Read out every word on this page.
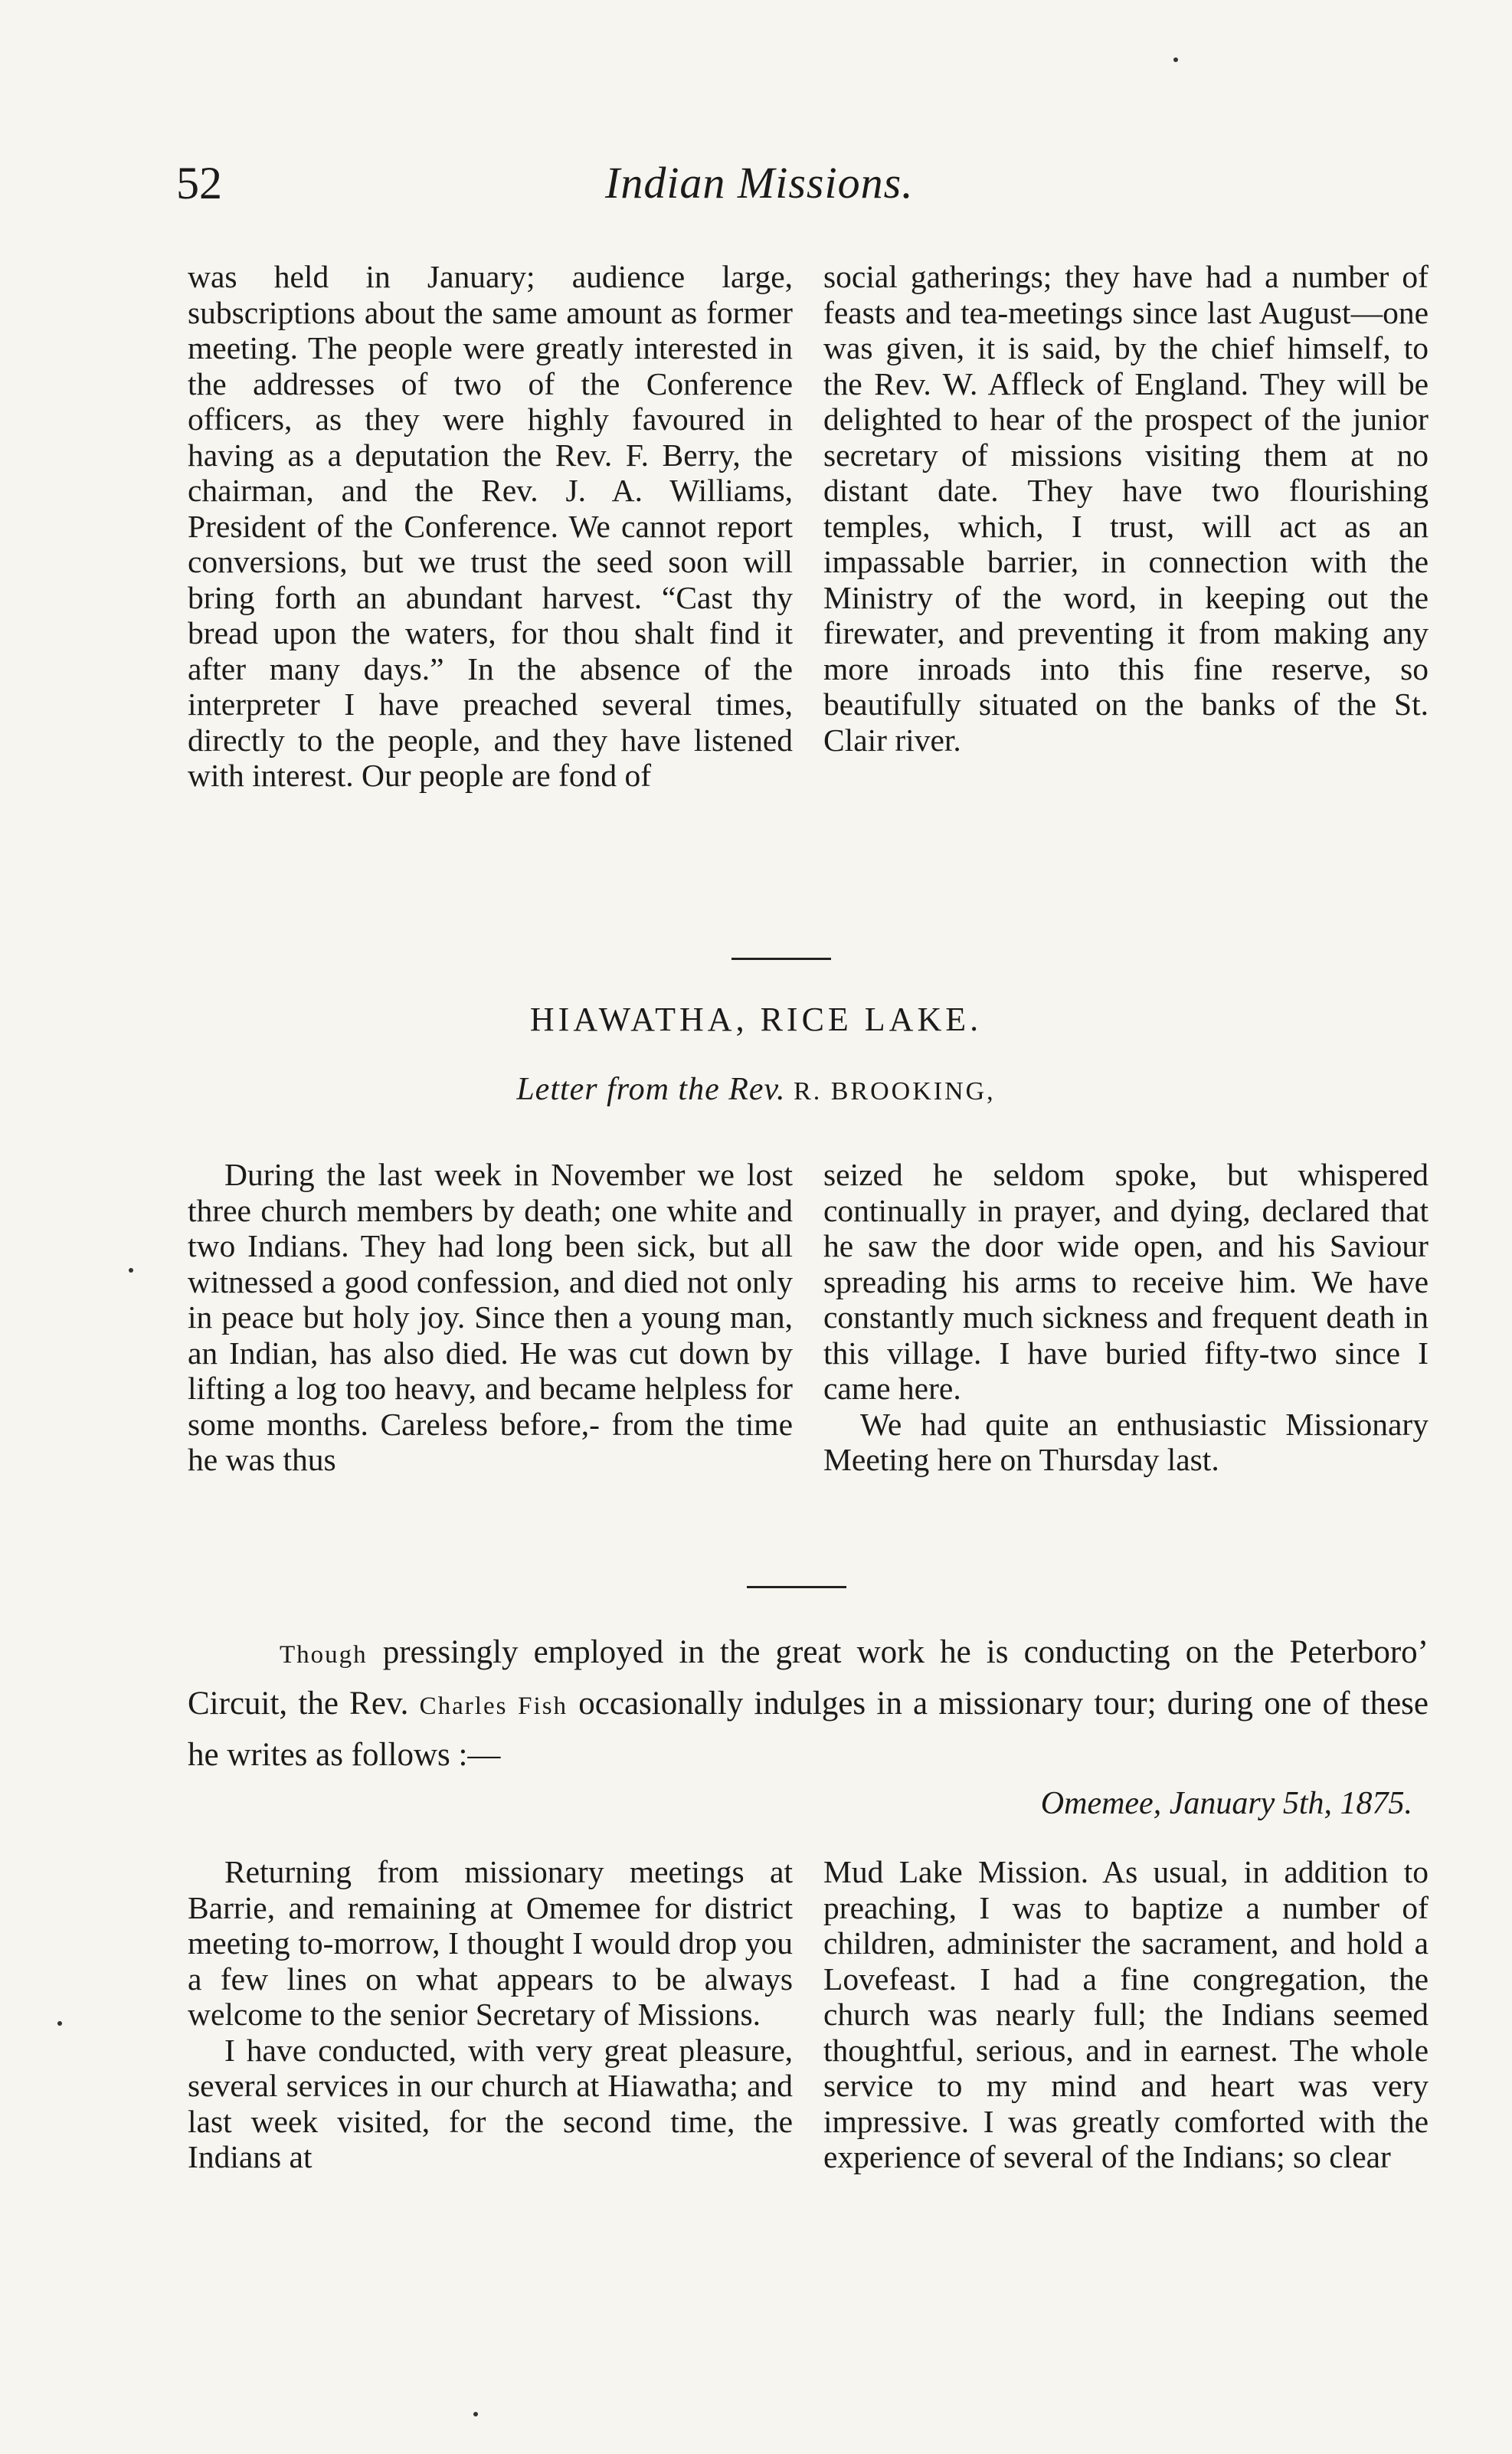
52	Indian Missions.

was held in January; audience large, subscriptions about the same amount as former meeting. The people were greatly interested in the addresses of two of the Conference officers, as they were highly favoured in having as a deputation the Rev. F. Berry, the chairman, and the Rev. J. A. Williams, President of the Conference. We cannot report conversions, but we trust the seed soon will bring forth an abundant harvest. “Cast thy bread upon the waters, for thou shalt find it after many days.” In the absence of the interpreter I have preached several times, directly to the people, and they have listened with interest. Our people are fond of

social gatherings; they have had a number of feasts and tea-meetings since last August—one was given, it is said, by the chief himself, to the Rev. W. Affleck of England. They will be delighted to hear of the prospect of the junior secretary of missions visiting them at no distant date. They have two flourishing temples, which, I trust, will act as an impassable barrier, in connection with the Ministry of the word, in keeping out the firewater, and preventing it from making any more inroads into this fine reserve, so beautifully situated on the banks of the St. Clair river.

HIAWATHA, RICE LAKE.
Letter from the Rev. R. BROOKING,

During the last week in November we lost three church members by death; one white and two Indians. They had long been sick, but all witnessed a good confession, and died not only in peace but holy joy. Since then a young man, an Indian, has also died. He was cut down by lifting a log too heavy, and became helpless for some months. Careless before,- from the time he was thus

seized he seldom spoke, but whispered continually in prayer, and dying, declared that he saw the door wide open, and his Saviour spreading his arms to receive him. We have constantly much sickness and frequent death in this village. I have buried fifty-two since I came here.

We had quite an enthusiastic Missionary Meeting here on Thursday last.

Though pressingly employed in the great work he is conducting on the Peterboro’ Circuit, the Rev. Charles Fish occasionally indulges in a missionary tour; during one of these he writes as follows :—

Omemee, January 5th, 1875.

Returning from missionary meetings at Barrie, and remaining at Omemee for district meeting to-morrow, I thought I would drop you a few lines on what appears to be always welcome to the senior Secretary of Missions.

I have conducted, with very great pleasure, several services in our church at Hiawatha; and last week visited, for the second time, the Indians at

Mud Lake Mission. As usual, in addition to preaching, I was to baptize a number of children, administer the sacrament, and hold a Lovefeast. I had a fine congregation, the church was nearly full; the Indians seemed thoughtful, serious, and in earnest. The whole service to my mind and heart was very impressive. I was greatly comforted with the experience of several of the Indians; so clear
